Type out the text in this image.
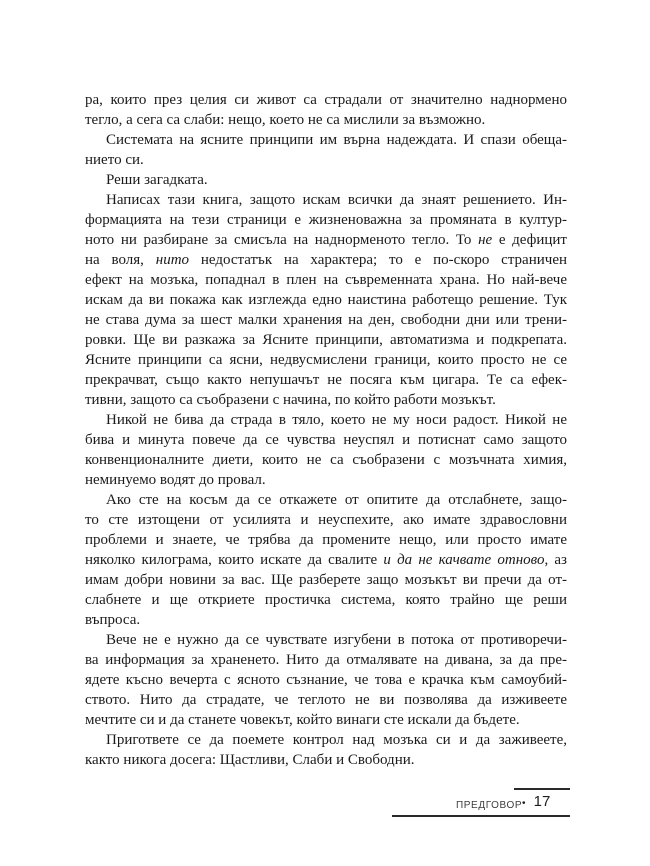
ра, които през целия си живот са страдали от значително наднормено
тегло, а сега са слаби: нещо, което не са мислили за възможно.
Системата на ясните принципи им върна надеждата. И спази обеща-
нието си.
Реши загадката.
Написах тази книга, защото искам всички да знаят решението. Ин-
формацията на тези страници е жизненоважна за промяната в култур-
ното ни разбиране за смисъла на наднорменото тегло. То не е дефицит
на воля, нито недостатък на характера; то е по-скоро страничен
ефект на мозъка, попаднал в плен на съвременната храна. Но най-вече
искам да ви покажа как изглежда едно наистина работещо решение. Тук
не става дума за шест малки хранения на ден, свободни дни или трени-
ровки. Ще ви разкажа за Ясните принципи, автоматизма и подкрепата.
Ясните принципи са ясни, недвусмислени граници, които просто не се
прекрачват, също както непушачът не посяга към цигара. Те са ефек-
тивни, защото са съобразени с начина, по който работи мозъкът.
Никой не бива да страда в тяло, което не му носи радост. Никой не
бива и минута повече да се чувства неуспял и потиснат само защото
конвенционалните диети, които не са съобразени с мозъчната химия,
неминуемо водят до провал.
Ако сте на косъм да се откажете от опитите да отслабнете, защо-
то сте изтощени от усилията и неуспехите, ако имате здравословни
проблеми и знаете, че трябва да промените нещо, или просто имате
няколко килограма, които искате да свалите и да не качвате отново, аз
имам добри новини за вас. Ще разберете защо мозъкът ви пречи да от-
слабнете и ще откриете простичка система, която трайно ще реши
въпроса.
Вече не е нужно да се чувствате изгубени в потока от противоречи-
ва информация за храненето. Нито да отмалявате на дивана, за да пре-
ядете късно вечерта с ясното съзнание, че това е крачка към самоубий-
ството. Нито да страдате, че теглото не ви позволява да изживеете
мечтите си и да станете човекът, който винаги сте искали да бъдете.
Пригответе се да поемете контрол над мозъка си и да заживеете,
както никога досега: Щастливи, Слаби и Свободни.
ПРЕДГОВОР • 17
